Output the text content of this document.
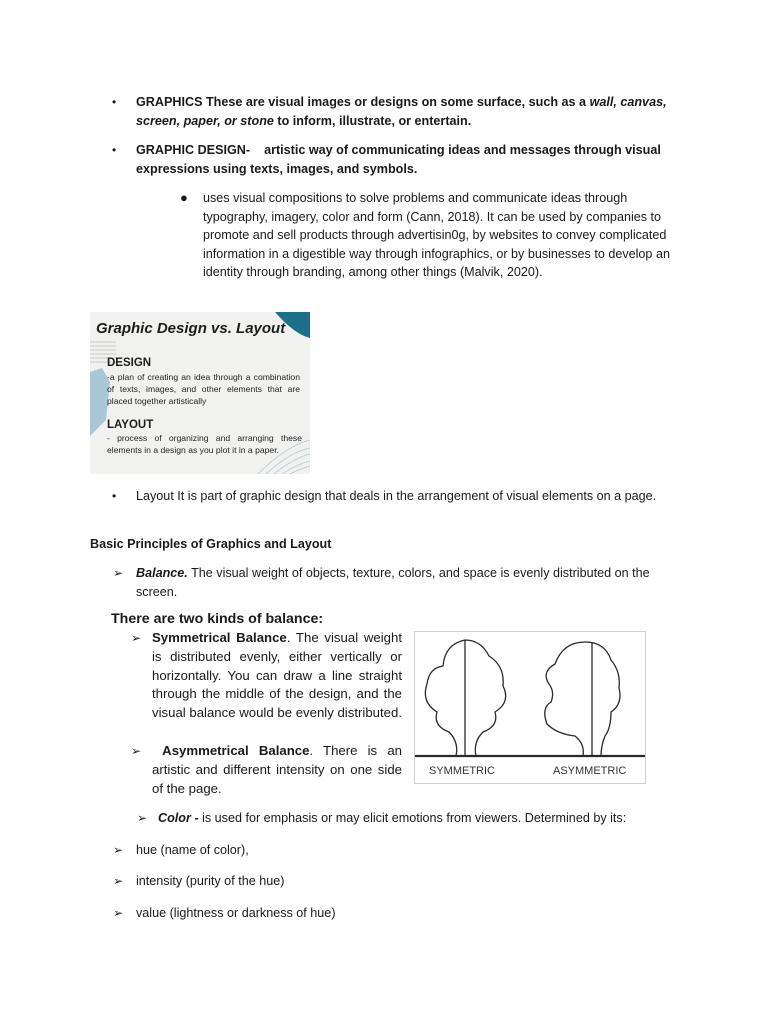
• GRAPHICS These are visual images or designs on some surface, such as a wall, canvas, screen, paper, or stone to inform, illustrate, or entertain.
• GRAPHIC DESIGN- artistic way of communicating ideas and messages through visual expressions using texts, images, and symbols.
● uses visual compositions to solve problems and communicate ideas through typography, imagery, color and form (Cann, 2018). It can be used by companies to promote and sell products through advertisin0g, by websites to convey complicated information in a digestible way through infographics, or by businesses to develop an identity through branding, among other things (Malvik, 2020).
Graphic Design vs. Layout
DESIGN
-a plan of creating an idea through a combination of texts, images, and other elements that are placed together artistically
LAYOUT
- process of organizing and arranging these elements in a design as you plot it in a paper.
• Layout It is part of graphic design that deals in the arrangement of visual elements on a page.
Basic Principles of Graphics and Layout
➢ Balance. The visual weight of objects, texture, colors, and space is evenly distributed on the screen.
There are two kinds of balance:
➢ Symmetrical Balance. The visual weight is distributed evenly, either vertically or horizontally. You can draw a line straight through the middle of the design, and the visual balance would be evenly distributed.
➢	Asymmetrical Balance. There is an artistic and different intensity on one side of the page.
SYMMETRIC	ASYMMETRIC
➢ Color - is used for emphasis or may elicit emotions from viewers. Determined by its:
➢ hue (name of color),
➢ intensity (purity of the hue)
➢ value (lightness or darkness of hue)
